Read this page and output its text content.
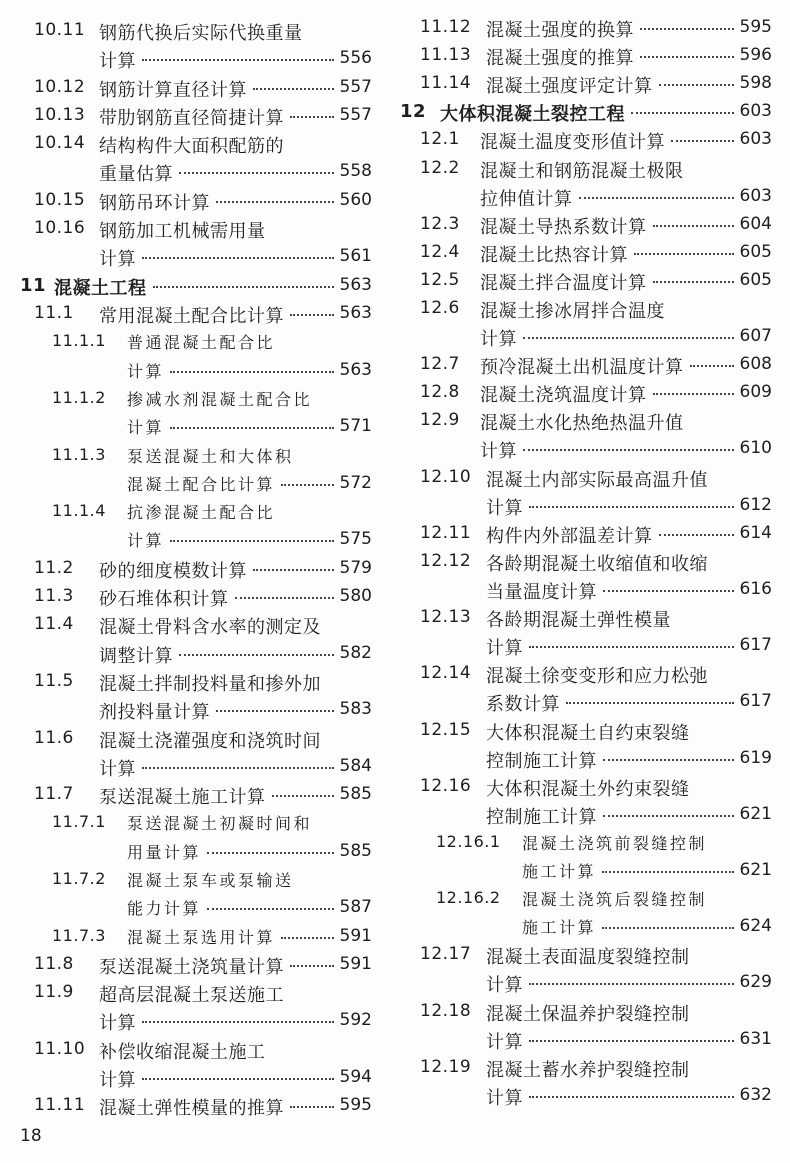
10.11 钢筋代换后实际代换重量
计算	556
10.12 钢筋计算直径计算	557
10.13 带肋钢筋直径简捷计算	557
10.14 结构构件大面积配筋的
重量估算	558
10.15 钢筋吊环计算	560
10.16 钢筋加工机械需用量
计算	561
11 混凝土工程	563
11.1 常用混凝土配合比计算	563
11.1.1 普通混凝土配合比
计算	563
11.1.2 掺减水剂混凝土配合比
计算	571
11.1.3 泵送混凝土和大体积
混凝土配合比计算	572
11.1.4 抗渗混凝土配合比
计算	575
11.2 砂的细度模数计算	579
11.3 砂石堆体积计算	580
11.4 混凝土骨料含水率的测定及
调整计算	582
11.5 混凝土拌制投料量和掺外加
剂投料量计算	583
11.6 混凝土浇灌强度和浇筑时间
计算	584
11.7 泵送混凝土施工计算	585
11.7.1 泵送混凝土初凝时间和
用量计算	585
11.7.2 混凝土泵车或泵输送
能力计算	587
11.7.3 混凝土泵选用计算	591
11.8 泵送混凝土浇筑量计算	591
11.9 超高层混凝土泵送施工
计算	592
11.10 补偿收缩混凝土施工
计算	594
11.11 混凝土弹性模量的推算	595
11.12 混凝土强度的换算	595
11.13 混凝土强度的推算	596
11.14 混凝土强度评定计算	598
12 大体积混凝土裂控工程	603
12.1 混凝土温度变形值计算	603
12.2 混凝土和钢筋混凝土极限
拉伸值计算	603
12.3 混凝土导热系数计算	604
12.4 混凝土比热容计算	605
12.5 混凝土拌合温度计算	605
12.6 混凝土掺冰屑拌合温度
计算	607
12.7 预冷混凝土出机温度计算	608
12.8 混凝土浇筑温度计算	609
12.9 混凝土水化热绝热温升值
计算	610
12.10 混凝土内部实际最高温升值
计算	612
12.11 构件内外部温差计算	614
12.12 各龄期混凝土收缩值和收缩
当量温度计算	616
12.13 各龄期混凝土弹性模量
计算	617
12.14 混凝土徐变变形和应力松弛
系数计算	617
12.15 大体积混凝土自约束裂缝
控制施工计算	619
12.16 大体积混凝土外约束裂缝
控制施工计算	621
12.16.1 混凝土浇筑前裂缝控制
施工计算	621
12.16.2 混凝土浇筑后裂缝控制
施工计算	624
12.17 混凝土表面温度裂缝控制
计算	629
12.18 混凝土保温养护裂缝控制
计算	631
12.19 混凝土蓄水养护裂缝控制
计算	632
18
